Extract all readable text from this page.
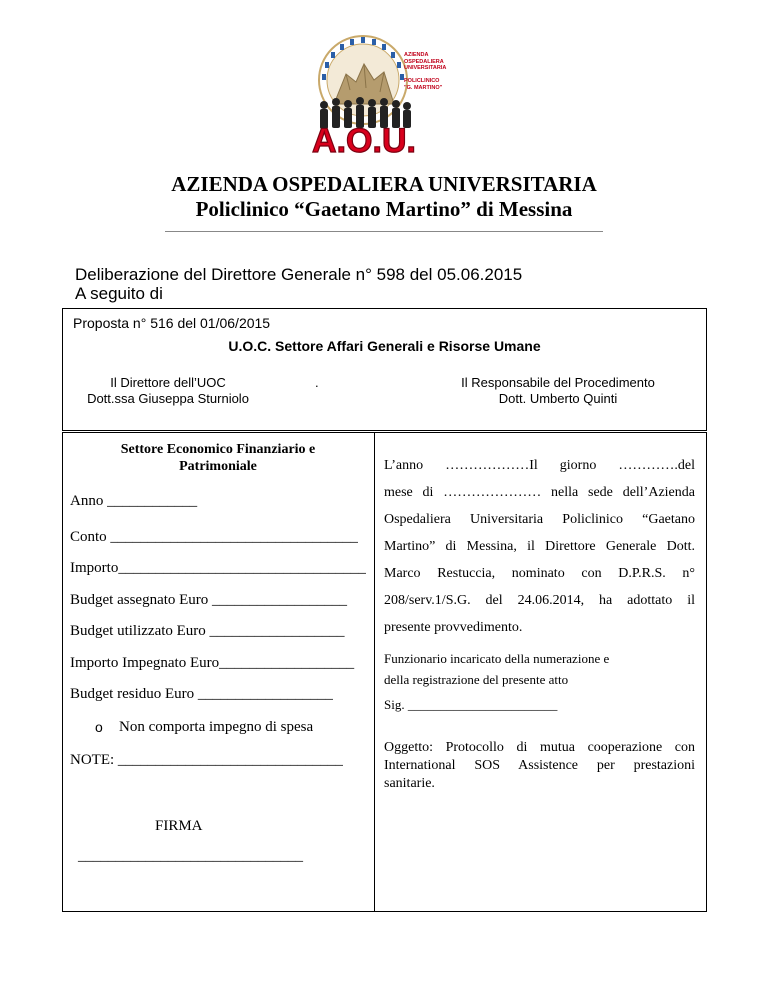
A.O.U.
AZIENDA
OSPEDALIERA
UNIVERSITARIA

POLICLINICO
"G. MARTINO"
AZIENDA OSPEDALIERA UNIVERSITARIA
Policlinico “Gaetano Martino” di Messina
Deliberazione del Direttore Generale n° 598 del 05.06.2015
A seguito di
Proposta n° 516 del 01/06/2015
U.O.C. Settore Affari Generali e Risorse Umane
Il Direttore dell’UOC
Dott.ssa Giuseppa Sturniolo
.	Il Responsabile del Procedimento
Dott. Umberto Quinti
Settore Economico Finanziario e
Patrimoniale
Anno ____________
Conto _________________________________
Importo_________________________________
Budget assegnato Euro __________________
Budget utilizzato Euro __________________
Importo Impegnato Euro__________________
Budget residuo Euro __________________
o Non comporta impegno di spesa
NOTE: ______________________________
FIRMA
______________________________
L’anno ………………Il giorno ………….del
mese di ………………… nella sede dell’Azienda
Ospedaliera Universitaria Policlinico “Gaetano
Martino” di Messina, il Direttore Generale Dott.
Marco Restuccia, nominato con D.P.R.S. n°
208/serv.1/S.G. del 24.06.2014, ha adottato il
presente provvedimento.
Funzionario incaricato della numerazione e
della registrazione del presente atto
Sig. _______________________
Oggetto: Protocollo di mutua cooperazione con
International SOS Assistence per prestazioni
sanitarie.
